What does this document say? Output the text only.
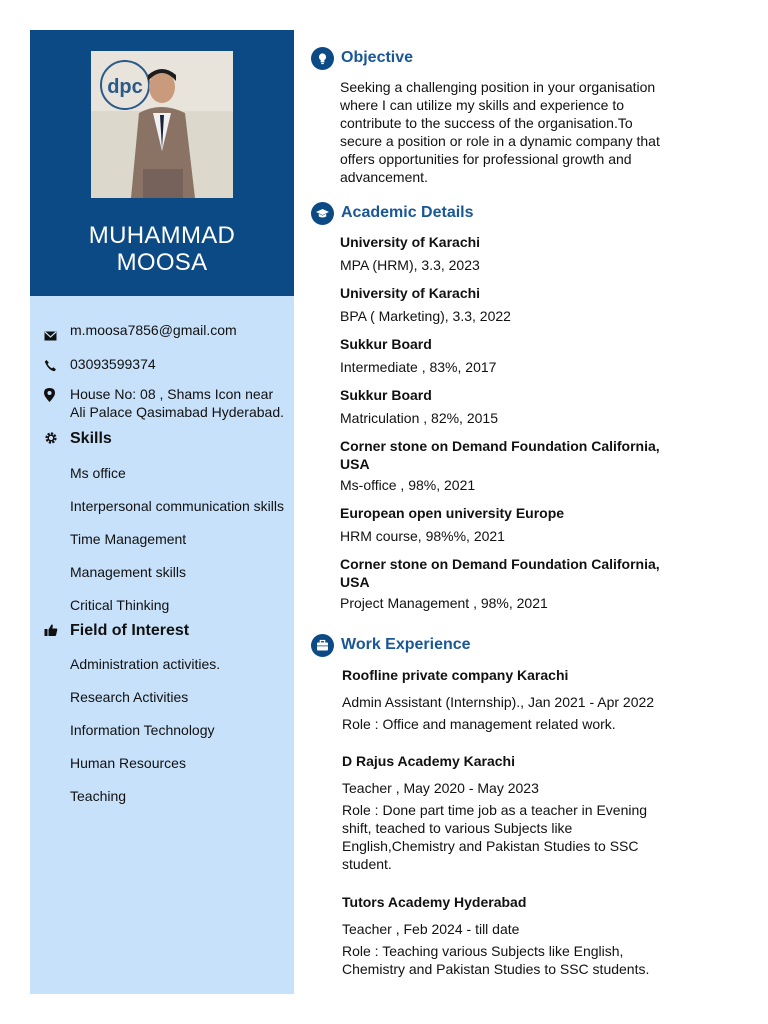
dpc
MUHAMMAD
MOOSA
m.moosa7856@gmail.com
03093599374
House No: 08 , Shams Icon near
Ali Palace Qasimabad Hyderabad.
Skills
Ms office
Interpersonal communication skills
Time Management
Management skills
Critical Thinking
Field of Interest
Administration activities.
Research Activities
Information Technology
Human Resources
Teaching
Objective
Seeking a challenging position in your organisation
where I can utilize my skills and experience to
contribute to the success of the organisation.To
secure a position or role in a dynamic company that
offers opportunities for professional growth and
advancement.
Academic Details
University of Karachi
MPA (HRM), 3.3, 2023
University of Karachi
BPA ( Marketing), 3.3, 2022
Sukkur Board
Intermediate , 83%, 2017
Sukkur Board
Matriculation , 82%, 2015
Corner stone on Demand Foundation California, USA
Ms-office , 98%, 2021
European open university Europe
HRM course, 98%%, 2021
Corner stone on Demand Foundation California, USA
Project Management , 98%, 2021
Work Experience
Roofline private company Karachi
Admin Assistant (Internship)., Jan 2021 - Apr 2022
Role : Office and management related work.
D Rajus Academy Karachi
Teacher , May 2020 - May 2023
Role : Done part time job as a teacher in Evening shift, teached to various Subjects like English,Chemistry and Pakistan Studies to SSC student.
Tutors Academy Hyderabad
Teacher , Feb 2024 - till date
Role : Teaching various Subjects like English, Chemistry and Pakistan Studies to SSC students.
